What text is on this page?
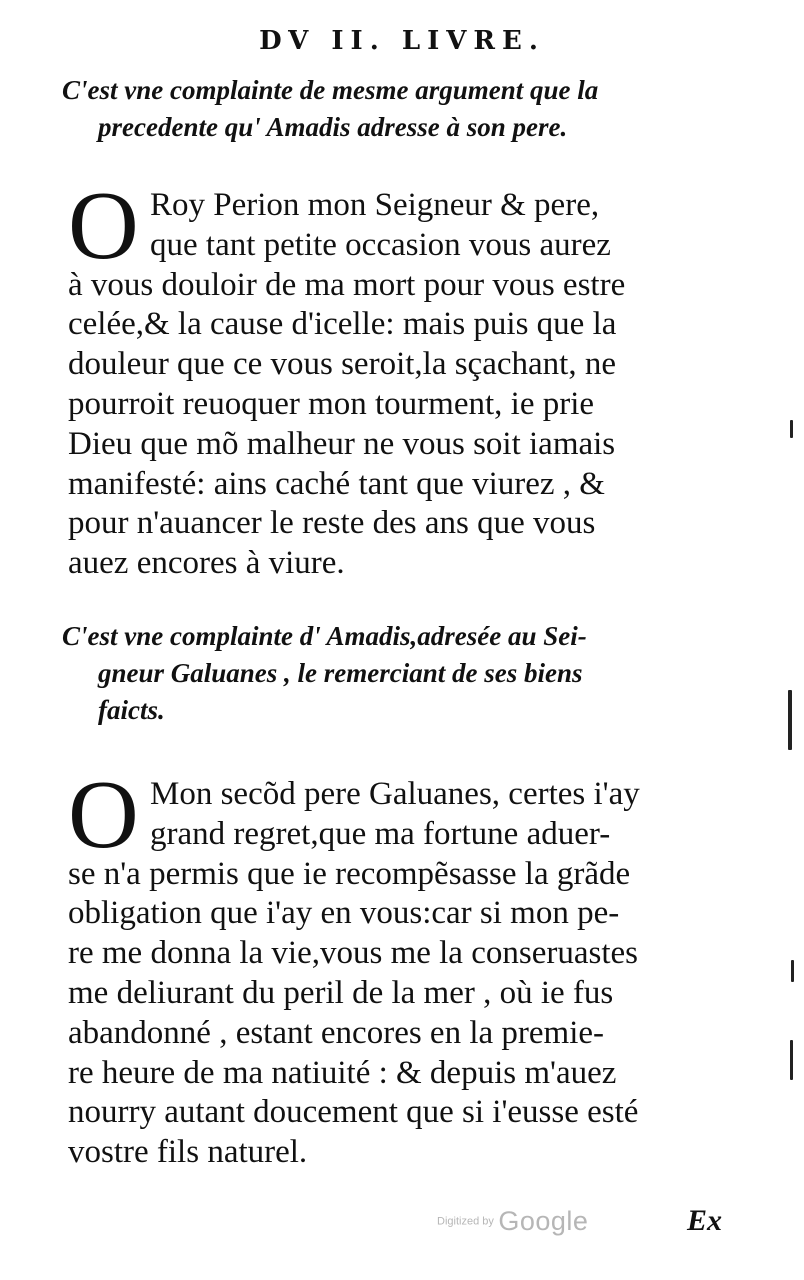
DV II. LIVRE.
C'est vne complainte de mesme argument que la
precedente qu' Amadis adresse à son pere.
O Roy Perion mon Seigneur & pere,
que tant petite occasion vous aurez
à vous douloir de ma mort pour vous estre
celée,& la cause d'icelle: mais puis que la
douleur que ce vous seroit,la sçachant, ne
pourroit reuoquer mon tourment, ie prie
Dieu que mõ malheur ne vous soit iamais
manifesté: ains caché tant que viurez , &
pour n'auancer le reste des ans que vous
auez encores à viure.
C'est vne complainte d' Amadis,adresée au Sei-
gneur Galuanes , le remerciant de ses biens
faicts.
O Mon secõd pere Galuanes, certes i'ay
grand regret,que ma fortune aduer-
se n'a permis que ie recompẽsasse la grãde
obligation que i'ay en vous:car si mon pe-
re me donna la vie,vous me la conseruastes
me deliurant du peril de la mer , où ie fus
abandonné , estant encores en la premie-
re heure de ma natiuité : & depuis m'auez
nourry autant doucement que si i'eusse esté
vostre fils naturel.
Digitized by Google	Ex
